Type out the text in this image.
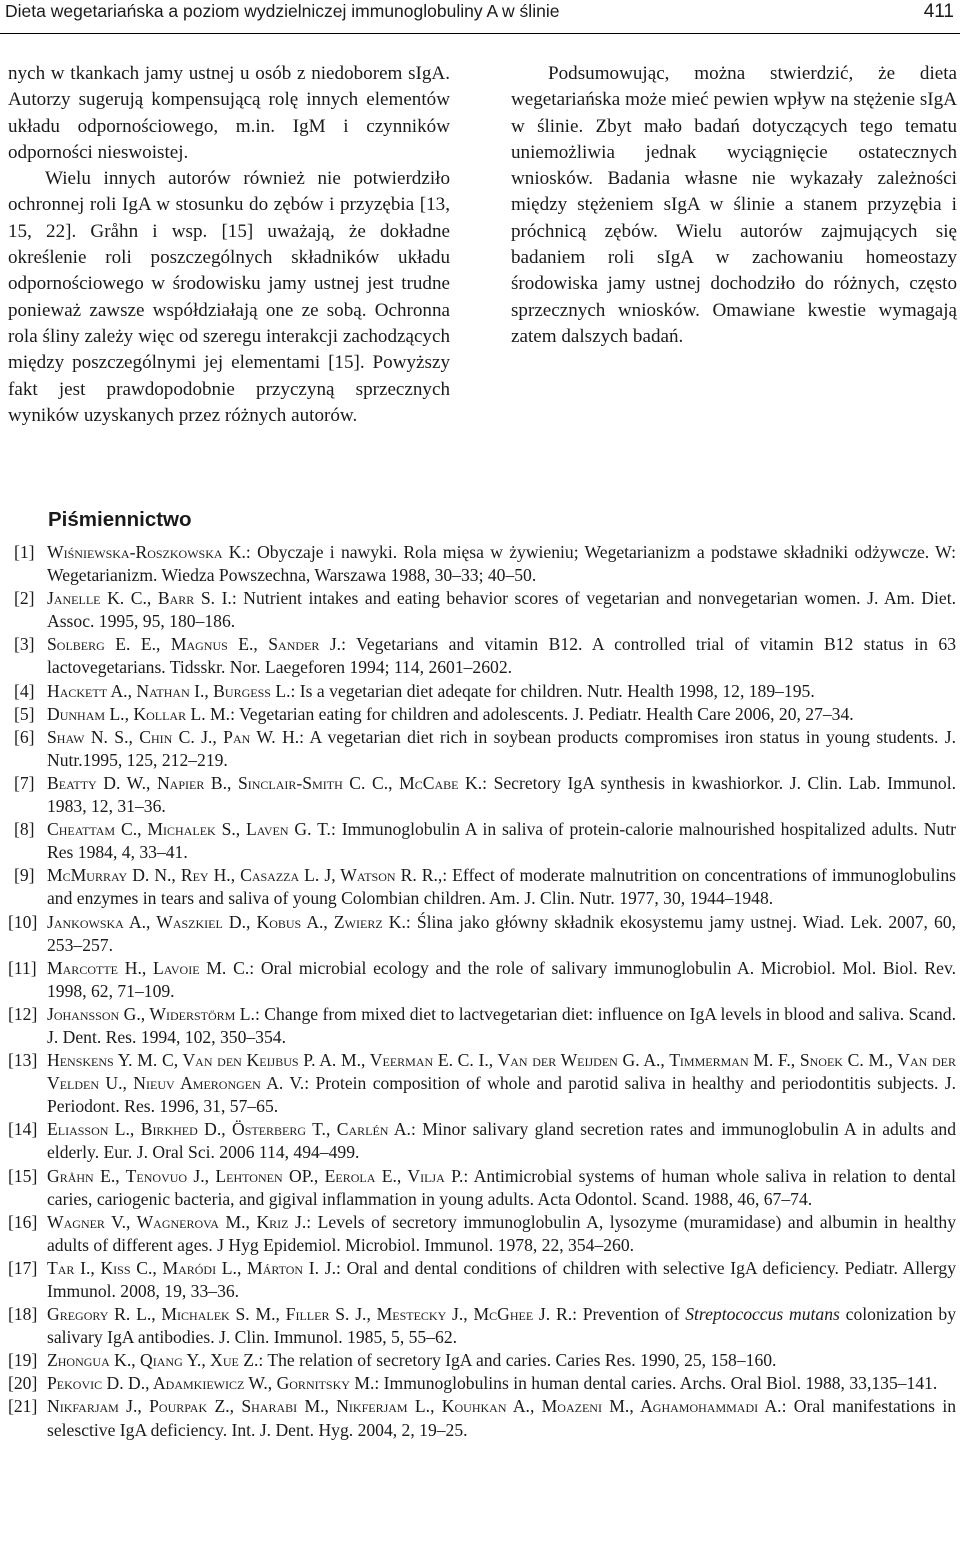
Dieta wegetariańska a poziom wydzielniczej immunoglobuliny A w ślinie	411

nych w tkankach jamy ustnej u osób z niedoborem sIgA. Autorzy sugerują kompensującą rolę innych elementów układu odpornościowego, m.in. IgM i czynników odporności nieswoistej.

Wielu innych autorów również nie potwierdziło ochronnej roli IgA w stosunku do zębów i przyzębia [13, 15, 22]. Gråhn i wsp. [15] uważają, że dokładne określenie roli poszczególnych składników układu odpornościowego w środowisku jamy ustnej jest trudne ponieważ zawsze współdziałają one ze sobą. Ochronna rola śliny zależy więc od szeregu interakcji zachodzących między poszczególnymi jej elementami [15]. Powyższy fakt jest prawdopodobnie przyczyną sprzecznych wyników uzyskanych przez różnych autorów.

Podsumowując, można stwierdzić, że dieta wegetariańska może mieć pewien wpływ na stężenie sIgA w ślinie. Zbyt mało badań dotyczących tego tematu uniemożliwia jednak wyciągnięcie ostatecznych wniosków. Badania własne nie wykazały zależności między stężeniem sIgA w ślinie a stanem przyzębia i próchnicą zębów. Wielu autorów zajmujących się badaniem roli sIgA w zachowaniu homeostazy środowiska jamy ustnej dochodziło do różnych, często sprzecznych wniosków. Omawiane kwestie wymagają zatem dalszych badań.

Piśmiennictwo
[1] Wiśniewska-Roszkowska K.: Obyczaje i nawyki. Rola mięsa w żywieniu; Wegetarianizm a podstawe składniki odżywcze. W: Wegetarianizm. Wiedza Powszechna, Warszawa 1988, 30–33; 40–50.
[2] Janelle K. C., Barr S. I.: Nutrient intakes and eating behavior scores of vegetarian and nonvegetarian women. J. Am. Diet. Assoc. 1995, 95, 180–186.
[3] Solberg E. E., Magnus E., Sander J.: Vegetarians and vitamin B12. A controlled trial of vitamin B12 status in 63 lactovegetarians. Tidsskr. Nor. Laegeforen 1994; 114, 2601–2602.
[4] Hackett A., Nathan I., Burgess L.: Is a vegetarian diet adeqate for children. Nutr. Health 1998, 12, 189–195.
[5] Dunham L., Kollar L. M.: Vegetarian eating for children and adolescents. J. Pediatr. Health Care 2006, 20, 27–34.
[6] Shaw N. S., Chin C. J., Pan W. H.: A vegetarian diet rich in soybean products compromises iron status in young students. J. Nutr.1995, 125, 212–219.
[7] Beatty D. W., Napier B., Sinclair-Smith C. C., McCabe K.: Secretory IgA synthesis in kwashiorkor. J. Clin. Lab. Immunol. 1983, 12, 31–36.
[8] Cheattam C., Michalek S., Laven G. T.: Immunoglobulin A in saliva of protein-calorie malnourished hospitalized adults. Nutr Res 1984, 4, 33–41.
[9] McMurray D. N., Rey H., Casazza L. J, Watson R. R.,: Effect of moderate malnutrition on concentrations of immunoglobulins and enzymes in tears and saliva of young Colombian children. Am. J. Clin. Nutr. 1977, 30, 1944–1948.
[10] Jankowska A., Waszkiel D., Kobus A., Zwierz K.: Ślina jako główny składnik ekosystemu jamy ustnej. Wiad. Lek. 2007, 60, 253–257.
[11] Marcotte H., Lavoie M. C.: Oral microbial ecology and the role of salivary immunoglobulin A. Microbiol. Mol. Biol. Rev. 1998, 62, 71–109.
[12] Johansson G., Widerstörm L.: Change from mixed diet to lactvegetarian diet: influence on IgA levels in blood and saliva. Scand. J. Dent. Res. 1994, 102, 350–354.
[13] Henskens Y. M. C, Van den Keijbus P. A. M., Veerman E. C. I., Van der Weijden G. A., Timmerman M. F., Snoek C. M., Van der Velden U., Nieuv Amerongen A. V.: Protein composition of whole and parotid saliva in healthy and periodontitis subjects. J. Periodont. Res. 1996, 31, 57–65.
[14] Eliasson L., Birkhed D., Österberg T., Carlén A.: Minor salivary gland secretion rates and immunoglobulin A in adults and elderly. Eur. J. Oral Sci. 2006 114, 494–499.
[15] Gråhn E., Tenovuo J., Lehtonen OP., Eerola E., Vilja P.: Antimicrobial systems of human whole saliva in relation to dental caries, cariogenic bacteria, and gigival inflammation in young adults. Acta Odontol. Scand. 1988, 46, 67–74.
[16] Wagner V., Wagnerova M., Kriz J.: Levels of secretory immunoglobulin A, lysozyme (muramidase) and albumin in healthy adults of different ages. J Hyg Epidemiol. Microbiol. Immunol. 1978, 22, 354–260.
[17] Tar I., Kiss C., Maródi L., Márton I. J.: Oral and dental conditions of children with selective IgA deficiency. Pediatr. Allergy Immunol. 2008, 19, 33–36.
[18] Gregory R. L., Michalek S. M., Filler S. J., Mestecky J., McGhee J. R.: Prevention of Streptococcus mutans colonization by salivary IgA antibodies. J. Clin. Immunol. 1985, 5, 55–62.
[19] Zhongua K., Qiang Y., Xue Z.: The relation of secretory IgA and caries. Caries Res. 1990, 25, 158–160.
[20] Pekovic D. D., Adamkiewicz W., Gornitsky M.: Immunoglobulins in human dental caries. Archs. Oral Biol. 1988, 33,135–141.
[21] Nikfarjam J., Pourpak Z., Sharabi M., Nikferjam L., Kouhkan A., Moazeni M., Aghamohammadi A.: Oral manifestations in selesctive IgA deficiency. Int. J. Dent. Hyg. 2004, 2, 19–25.
